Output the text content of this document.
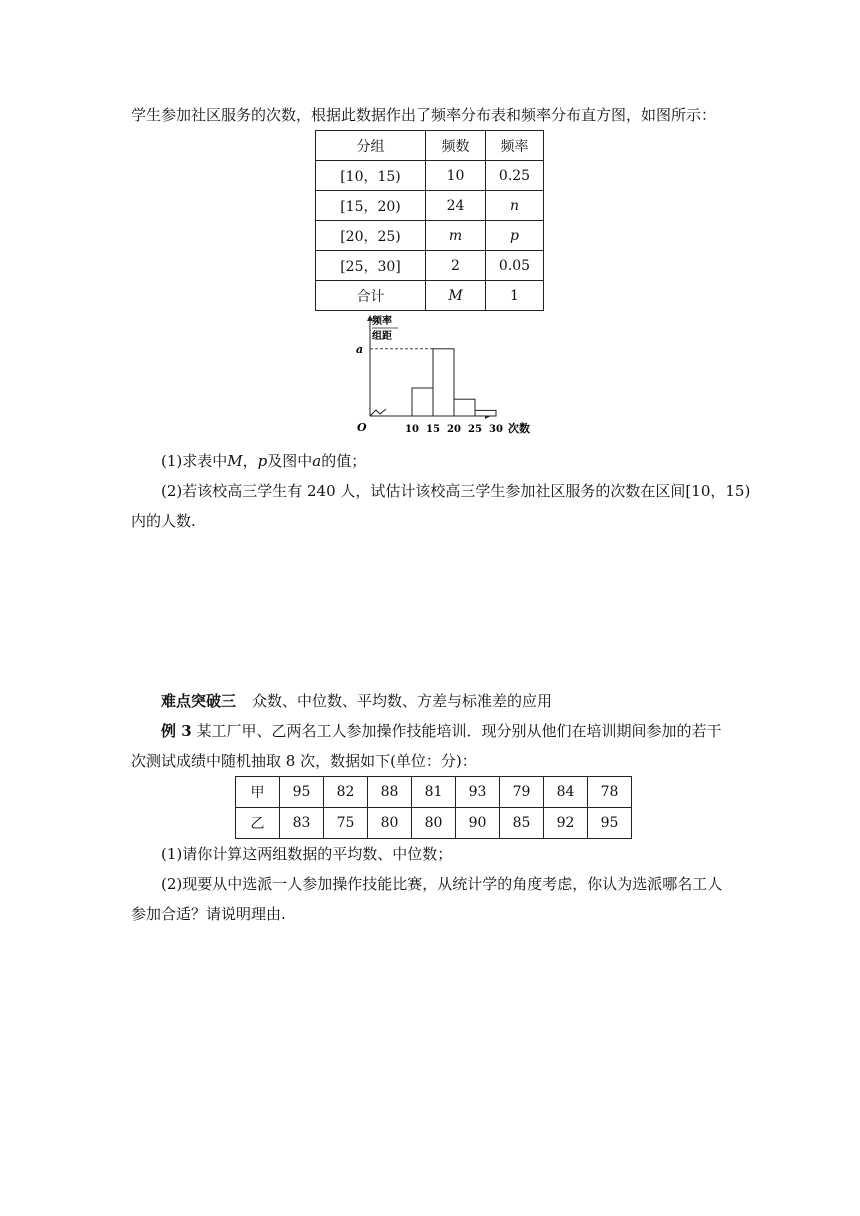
学生参加社区服务的次数，根据此数据作出了频率分布表和频率分布直方图，如图所示：

分组	频数	频率
[10，15)	10	0.25
[15，20)	24	n
[20，25)	m	p
[25，30]	2	0.05
合计	M	1
10 15 20 25 30
频率
组距
a
O	次数

(1)求表中M，p及图中a的值；

(2)若该校高三学生有 240 人，试估计该校高三学生参加社区服务的次数在区间[10，15)

内的人数.

难点突破三 众数、中位数、平均数、方差与标准差的应用

例 3 某工厂甲、乙两名工人参加操作技能培训．现分别从他们在培训期间参加的若干

次测试成绩中随机抽取 8 次，数据如下(单位：分)：

甲	95	82	88	81	93	79	84	78
乙	83	75	80	80	90	85	92	95

(1)请你计算这两组数据的平均数、中位数；

(2)现要从中选派一人参加操作技能比赛，从统计学的角度考虑，你认为选派哪名工人

参加合适？请说明理由.
